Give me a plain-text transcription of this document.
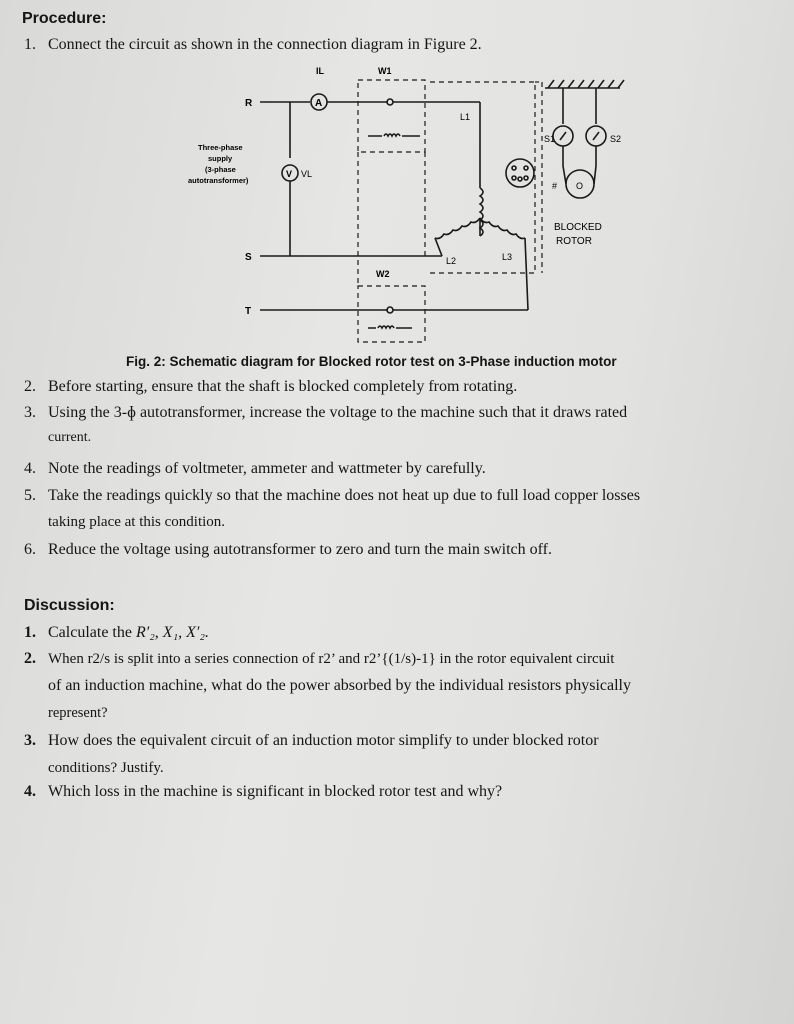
Procedure:
1. Connect the circuit as shown in the connection diagram in Figure 2.
IL	W1
W2
R
S
T
A
V VL
Three-phase
supply
(3-phase
autotransformer)
L1
L2	L3
S1	S2
# O
BLOCKED
ROTOR
Fig. 2: Schematic diagram for Blocked rotor test on 3-Phase induction motor
2. Before starting, ensure that the shaft is blocked completely from rotating.
3. Using the 3-ɸ autotransformer, increase the voltage to the machine such that it draws rated
current.
4. Note the readings of voltmeter, ammeter and wattmeter by carefully.
5. Take the readings quickly so that the machine does not heat up due to full load copper losses
taking place at this condition.
6. Reduce the voltage using autotransformer to zero and turn the main switch off.
Discussion:
1. Calculate the R′₂, X₁, X′₂.
2. When r2/s is split into a series connection of r2’ and r2’{(1/s)-1} in the rotor equivalent circuit
of an induction machine, what do the power absorbed by the individual resistors physically
represent?
3. How does the equivalent circuit of an induction motor simplify to under blocked rotor
conditions? Justify.
4. Which loss in the machine is significant in blocked rotor test and why?
